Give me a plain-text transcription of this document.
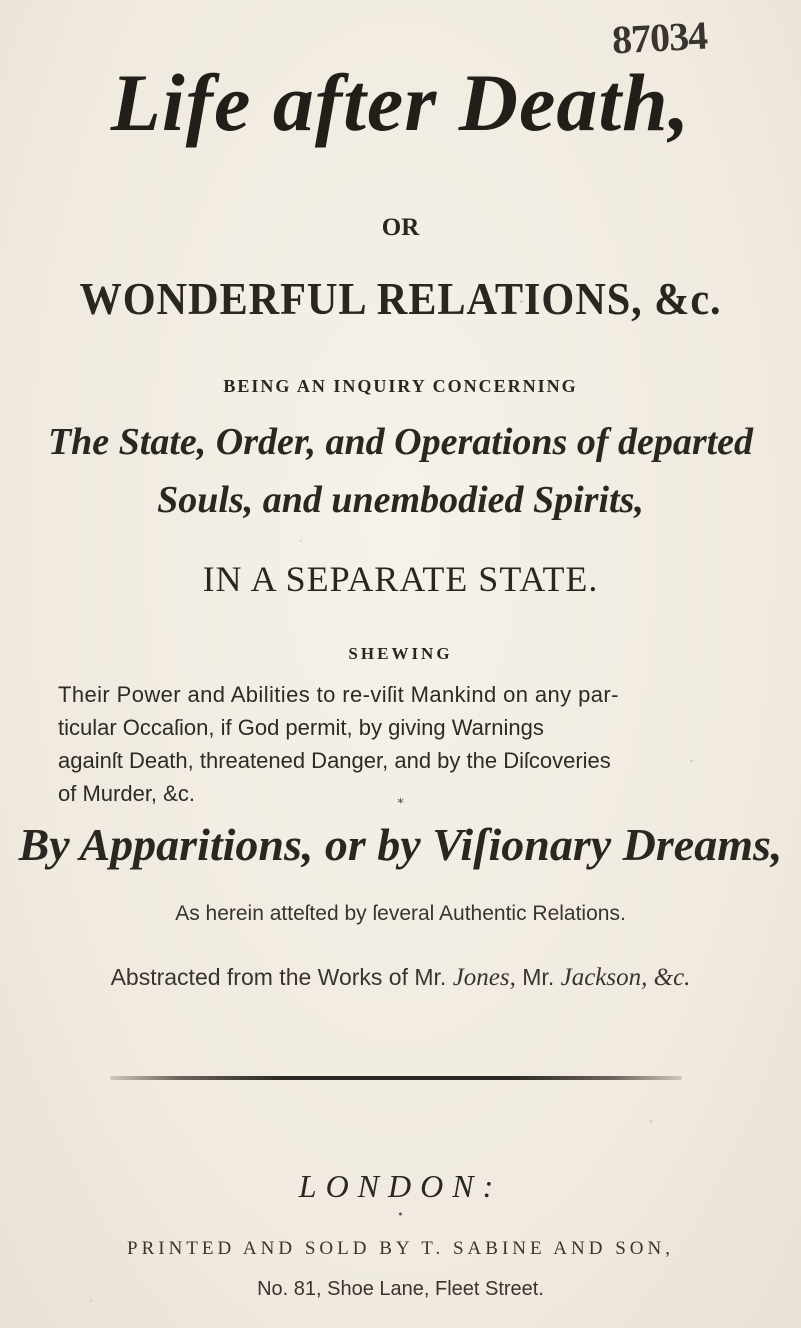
87034
Life after Death,
OR
WONDERFUL RELATIONS, &c.
BEING AN INQUIRY CONCERNING
The State, Order, and Operations of departed
Souls, and unembodied Spirits,
IN A SEPARATE STATE.
SHEWING
Their Power and Abilities to re-viſit Mankind on any par-
ticular Occaſion, if God permit, by giving Warnings
againſt Death, threatened Danger, and by the Diſcoveries
of Murder, &c.	*
By Apparitions, or by Viſionary Dreams,
As herein atteſted by ſeveral Authentic Relations.
Abstracted from the Works of Mr. Jones, Mr. Jackson, &c.
LONDON:
•
PRINTED AND SOLD BY T. SABINE AND SON,
No. 81, Shoe Lane, Fleet Street.
